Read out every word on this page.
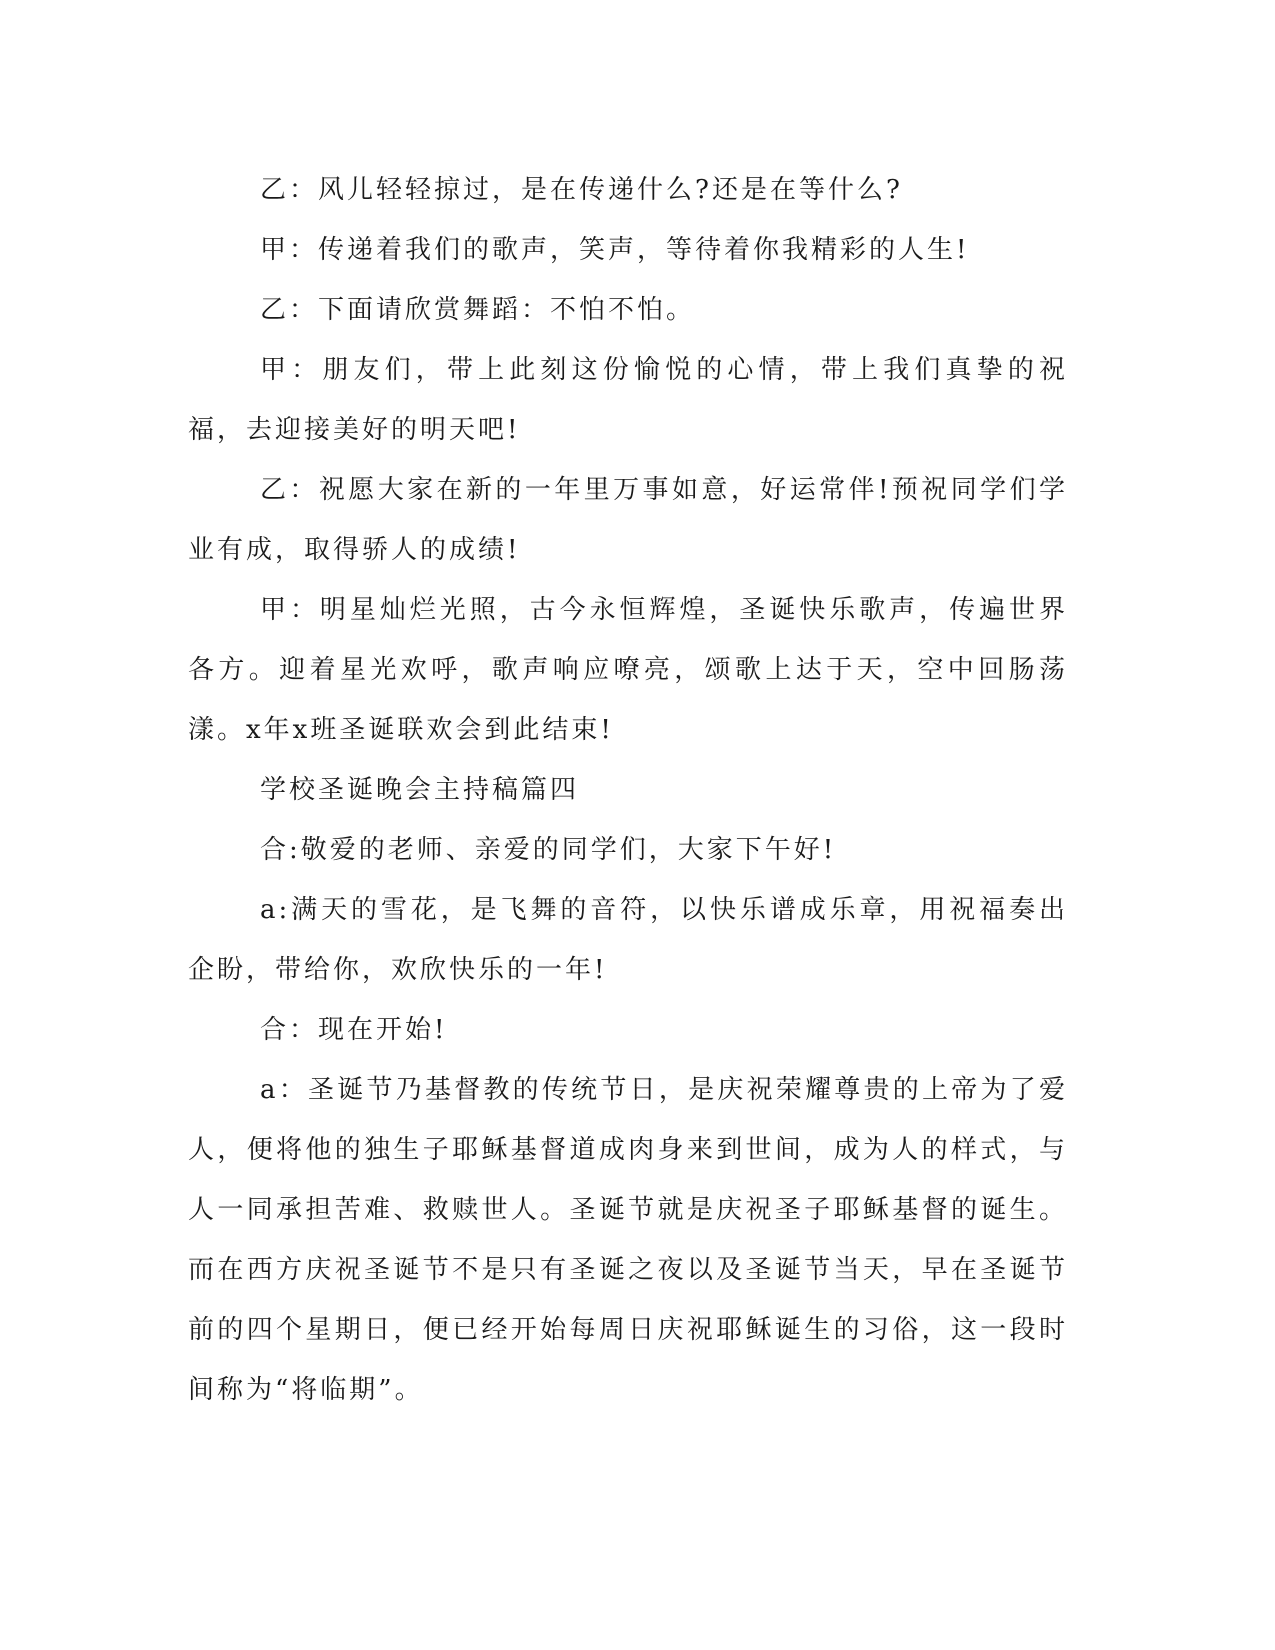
乙：风儿轻轻掠过，是在传递什么?还是在等什么?

甲：传递着我们的歌声，笑声，等待着你我精彩的人生!

乙：下面请欣赏舞蹈：不怕不怕。

甲：朋友们，带上此刻这份愉悦的心情，带上我们真挚的祝福，去迎接美好的明天吧!

乙：祝愿大家在新的一年里万事如意，好运常伴!预祝同学们学业有成，取得骄人的成绩!

甲：明星灿烂光照，古今永恒辉煌，圣诞快乐歌声，传遍世界各方。迎着星光欢呼，歌声响应嘹亮，颂歌上达于天，空中回肠荡漾。x年x班圣诞联欢会到此结束!

学校圣诞晚会主持稿篇四

合:敬爱的老师、亲爱的同学们，大家下午好!

a:满天的雪花，是飞舞的音符，以快乐谱成乐章，用祝福奏出企盼，带给你，欢欣快乐的一年!

合：现在开始!

a：圣诞节乃基督教的传统节日，是庆祝荣耀尊贵的上帝为了爱人，便将他的独生子耶稣基督道成肉身来到世间，成为人的样式，与人一同承担苦难、救赎世人。圣诞节就是庆祝圣子耶稣基督的诞生。而在西方庆祝圣诞节不是只有圣诞之夜以及圣诞节当天，早在圣诞节前的四个星期日，便已经开始每周日庆祝耶稣诞生的习俗，这一段时间称为“将临期”。
